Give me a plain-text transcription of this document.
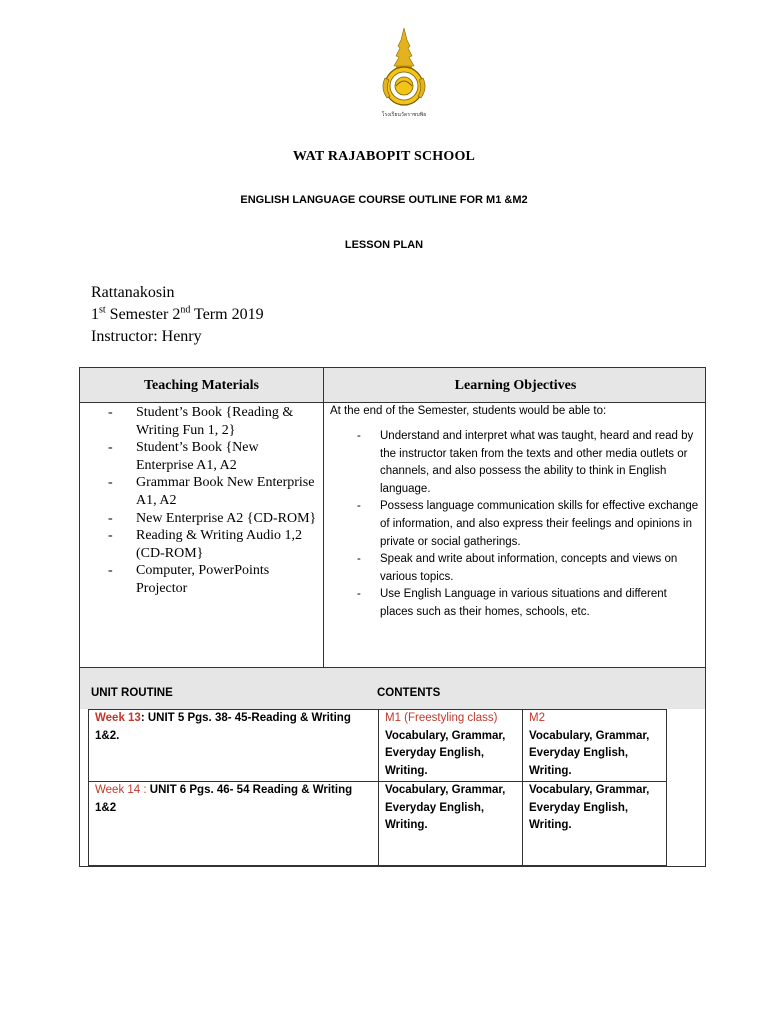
โรงเรียนวัดราชบพิธ
WAT RAJABOPIT SCHOOL
ENGLISH LANGUAGE COURSE OUTLINE FOR M1 &M2
LESSON PLAN
Rattanakosin
1st Semester 2nd Term 2019
Instructor: Henry
Teaching Materials	Learning Objectives
- Student’s Book {Reading & Writing Fun 1, 2}
- Student’s Book {New Enterprise A1, A2
- Grammar Book New Enterprise A1, A2
- New Enterprise A2 {CD-ROM}
- Reading & Writing Audio 1,2 (CD-ROM}
- Computer, PowerPoints Projector
At the end of the Semester, students would be able to:
- Understand and interpret what was taught, heard and read by the instructor taken from the texts and other media outlets or channels, and also possess the ability to think in English language.
- Possess language communication skills for effective exchange of information, and also express their feelings and opinions in private or social gatherings.
- Speak and write about information, concepts and views on various topics.
- Use English Language in various situations and different places such as their homes, schools, etc.
UNIT ROUTINE	CONTENTS
Week 13: UNIT 5 Pgs. 38- 45-Reading & Writing 1&2.
M1 (Freestyling class)
Vocabulary, Grammar, Everyday English, Writing.
M2
Vocabulary, Grammar, Everyday English, Writing.
Week 14 : UNIT 6 Pgs. 46- 54 Reading & Writing 1&2
Vocabulary, Grammar, Everyday English, Writing.
Vocabulary, Grammar, Everyday English, Writing.
